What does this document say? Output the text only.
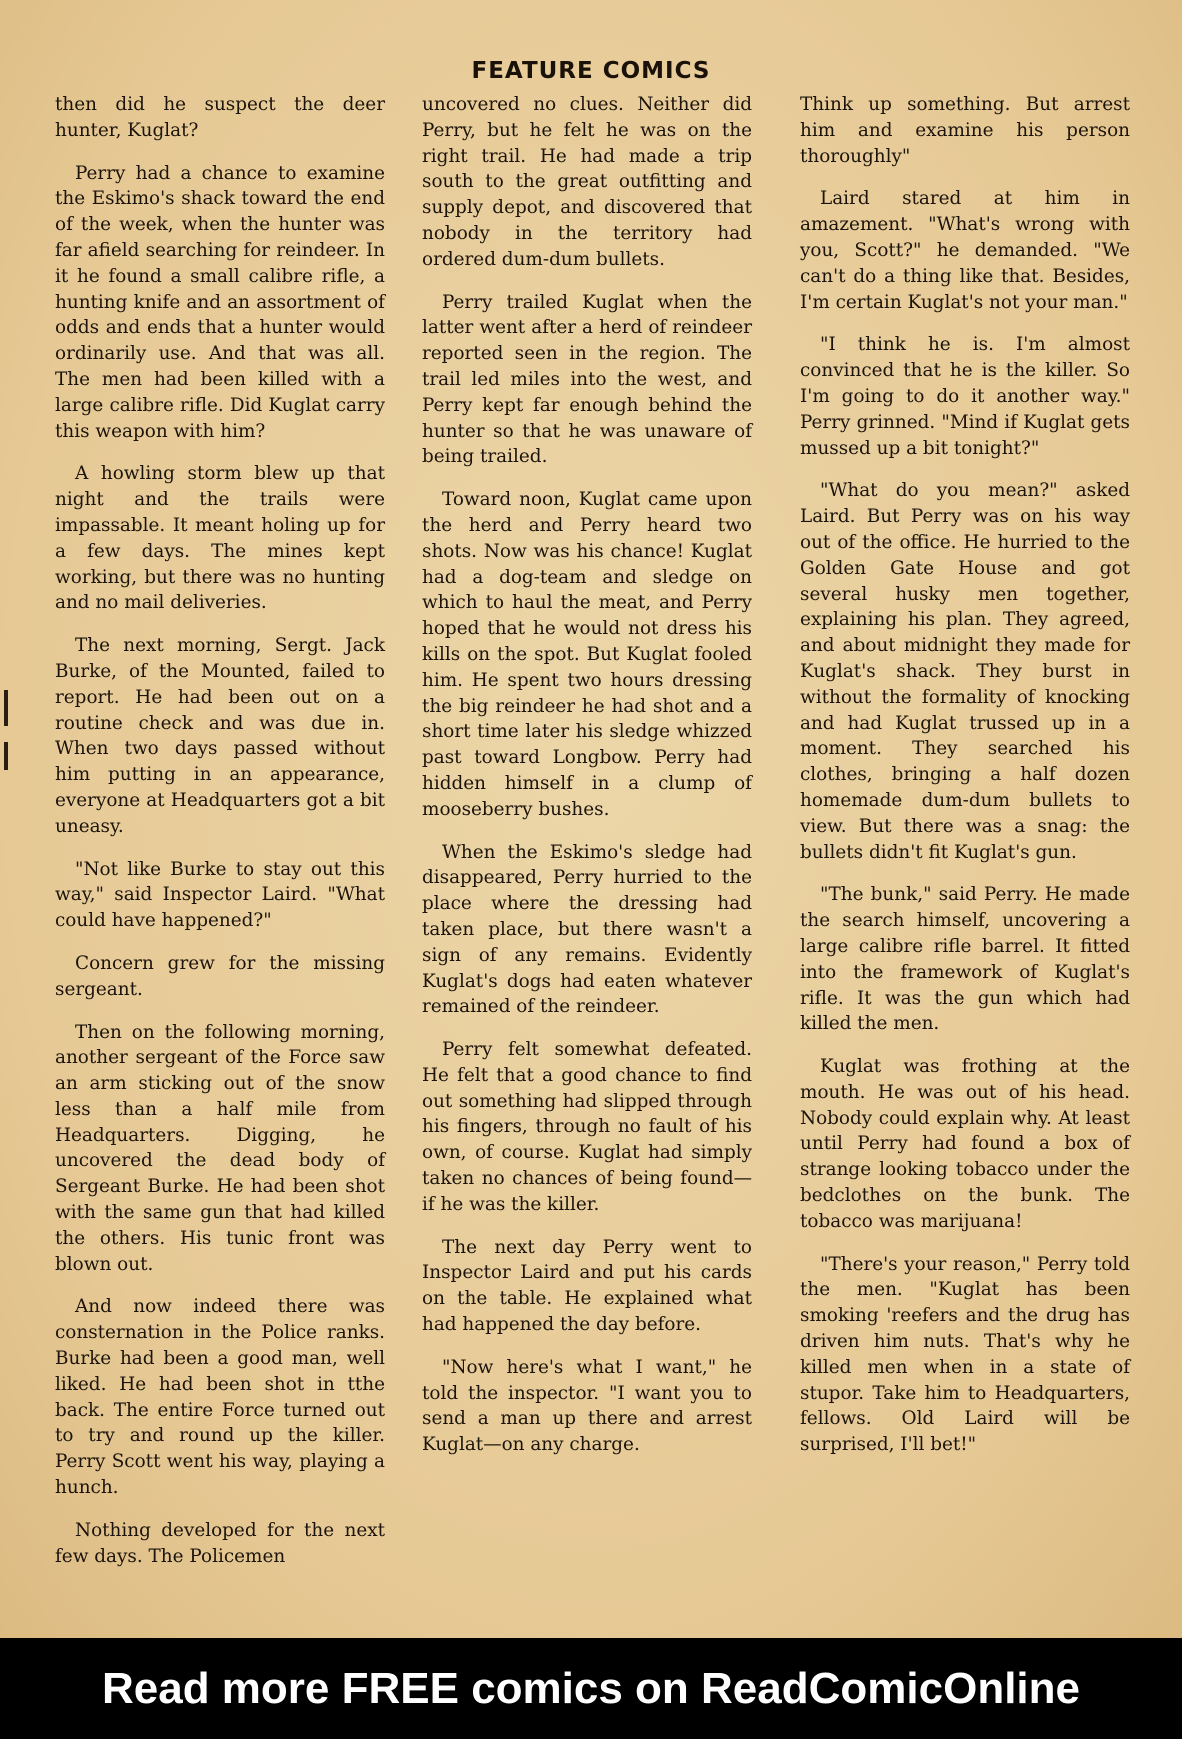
FEATURE COMICS

then did he suspect the deer hunter, Kuglat?

Perry had a chance to examine the Eskimo's shack toward the end of the week, when the hunter was far afield searching for reindeer. In it he found a small calibre rifle, a hunting knife and an assortment of odds and ends that a hunter would ordinarily use. And that was all. The men had been killed with a large calibre rifle. Did Kuglat carry this weapon with him?

A howling storm blew up that night and the trails were impassable. It meant holing up for a few days. The mines kept working, but there was no hunting and no mail deliveries.

The next morning, Sergt. Jack Burke, of the Mounted, failed to report. He had been out on a routine check and was due in. When two days passed without him putting in an appearance, everyone at Headquarters got a bit uneasy.

"Not like Burke to stay out this way," said Inspector Laird. "What could have happened?"

Concern grew for the missing sergeant.

Then on the following morning, another sergeant of the Force saw an arm sticking out of the snow less than a half mile from Headquarters. Digging, he uncovered the dead body of Sergeant Burke. He had been shot with the same gun that had killed the others. His tunic front was blown out.

And now indeed there was consternation in the Police ranks. Burke had been a good man, well liked. He had been shot in tthe back. The entire Force turned out to try and round up the killer. Perry Scott went his way, playing a hunch.

Nothing developed for the next few days. The Policemen

uncovered no clues. Neither did Perry, but he felt he was on the right trail. He had made a trip south to the great outfitting and supply depot, and discovered that nobody in the territory had ordered dum-dum bullets.

Perry trailed Kuglat when the latter went after a herd of reindeer reported seen in the region. The trail led miles into the west, and Perry kept far enough behind the hunter so that he was unaware of being trailed.

Toward noon, Kuglat came upon the herd and Perry heard two shots. Now was his chance! Kuglat had a dog-team and sledge on which to haul the meat, and Perry hoped that he would not dress his kills on the spot. But Kuglat fooled him. He spent two hours dressing the big reindeer he had shot and a short time later his sledge whizzed past toward Longbow. Perry had hidden himself in a clump of mooseberry bushes.

When the Eskimo's sledge had disappeared, Perry hurried to the place where the dressing had taken place, but there wasn't a sign of any remains. Evidently Kuglat's dogs had eaten whatever remained of the reindeer.

Perry felt somewhat defeated. He felt that a good chance to find out something had slipped through his fingers, through no fault of his own, of course. Kuglat had simply taken no chances of being found—if he was the killer.

The next day Perry went to Inspector Laird and put his cards on the table. He explained what had happened the day before.

"Now here's what I want," he told the inspector. "I want you to send a man up there and arrest Kuglat—on any charge.

Think up something. But arrest him and examine his person thoroughly"

Laird stared at him in amazement. "What's wrong with you, Scott?" he demanded. "We can't do a thing like that. Besides, I'm certain Kuglat's not your man."

"I think he is. I'm almost convinced that he is the killer. So I'm going to do it another way." Perry grinned. "Mind if Kuglat gets mussed up a bit tonight?"

"What do you mean?" asked Laird. But Perry was on his way out of the office. He hurried to the Golden Gate House and got several husky men together, explaining his plan. They agreed, and about midnight they made for Kuglat's shack. They burst in without the formality of knocking and had Kuglat trussed up in a moment. They searched his clothes, bringing a half dozen homemade dum-dum bullets to view. But there was a snag: the bullets didn't fit Kuglat's gun.

"The bunk," said Perry. He made the search himself, uncovering a large calibre rifle barrel. It fitted into the framework of Kuglat's rifle. It was the gun which had killed the men.

Kuglat was frothing at the mouth. He was out of his head. Nobody could explain why. At least until Perry had found a box of strange looking tobacco under the bedclothes on the bunk. The tobacco was marijuana!

"There's your reason," Perry told the men. "Kuglat has been smoking 'reefers and the drug has driven him nuts. That's why he killed men when in a state of stupor. Take him to Headquarters, fellows. Old Laird will be surprised, I'll bet!"

Read more FREE comics on ReadComicOnline
